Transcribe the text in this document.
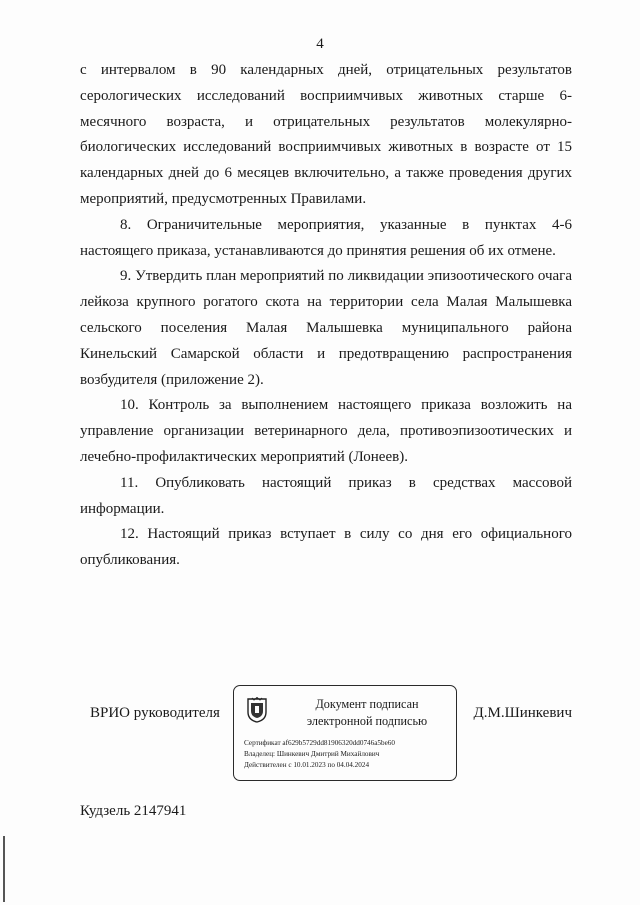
4

с интервалом в 90 календарных дней, отрицательных результатов серологических исследований восприимчивых животных старше 6-месячного возраста, и отрицательных результатов молекулярно-биологических исследований восприимчивых животных в возрасте от 15 календарных дней до 6 месяцев включительно, а также проведения других мероприятий, предусмотренных Правилами.

8. Ограничительные мероприятия, указанные в пунктах 4-6 настоящего приказа, устанавливаются до принятия решения об их отмене.

9. Утвердить план мероприятий по ликвидации эпизоотического очага лейкоза крупного рогатого скота на территории села Малая Малышевка сельского поселения Малая Малышевка муниципального района Кинельский Самарской области и предотвращению распространения возбудителя (приложение 2).

10. Контроль за выполнением настоящего приказа возложить на управление организации ветеринарного дела, противоэпизоотических и лечебно-профилактических мероприятий (Лонеев).

11. Опубликовать настоящий приказ в средствах массовой информации.

12. Настоящий приказ вступает в силу со дня его официального опубликования.

ВРИО руководителя
Документ подписан
электронной подписью
Сертификат af629b5729dd81906320dd0746a5be60
Владелец: Шинкевич Дмитрий Михайлович
Действителен с 10.01.2023 по 04.04.2024
Д.М.Шинкевич
Кудзель 2147941
